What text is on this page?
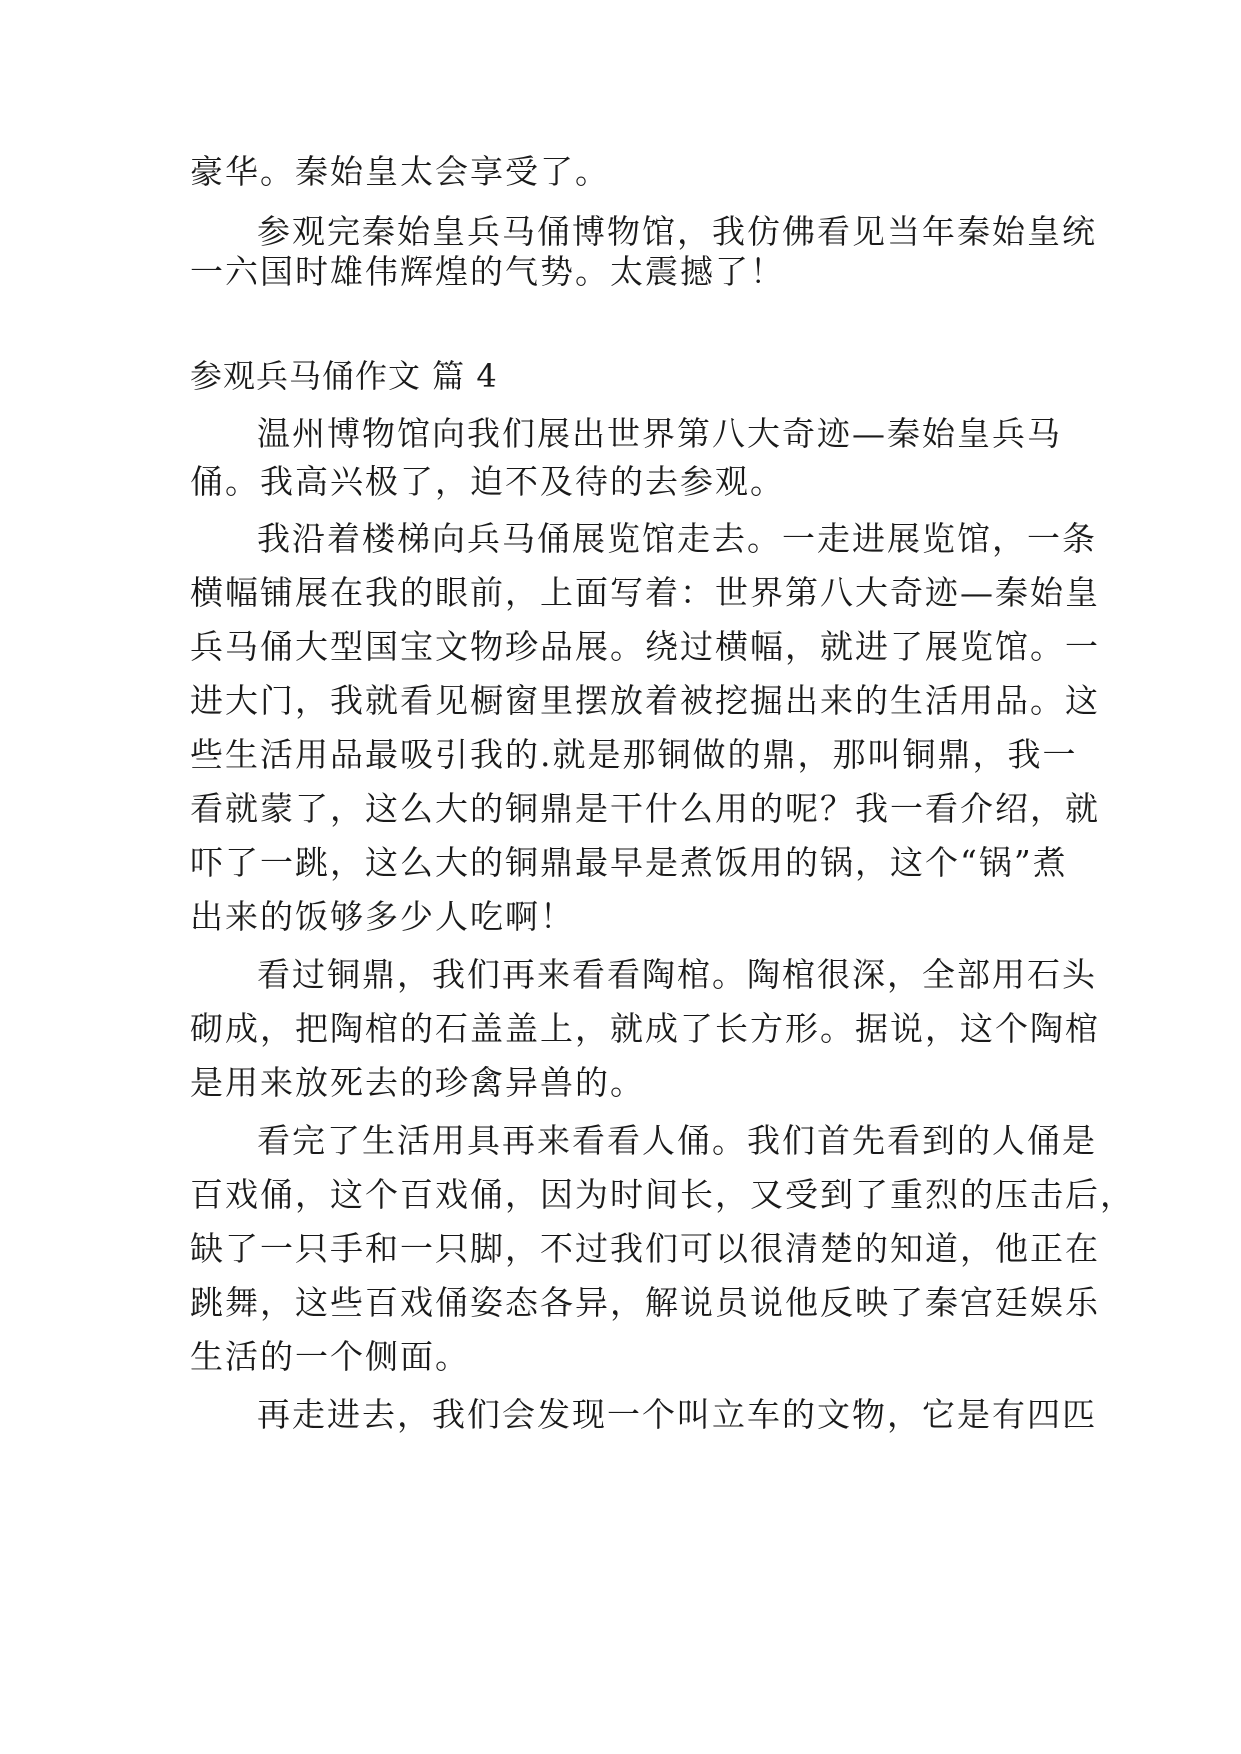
豪华。秦始皇太会享受了。
参观完秦始皇兵马俑博物馆，我仿佛看见当年秦始皇统
一六国时雄伟辉煌的气势。太震撼了！
参观兵马俑作文 篇 4
温州博物馆向我们展出世界第八大奇迹—秦始皇兵马
俑。我高兴极了，迫不及待的去参观。
我沿着楼梯向兵马俑展览馆走去。一走进展览馆，一条
横幅铺展在我的眼前，上面写着：世界第八大奇迹—秦始皇
兵马俑大型国宝文物珍品展。绕过横幅，就进了展览馆。一
进大门，我就看见橱窗里摆放着被挖掘出来的生活用品。这
些生活用品最吸引我的.就是那铜做的鼎，那叫铜鼎，我一
看就蒙了，这么大的铜鼎是干什么用的呢？我一看介绍，就
吓了一跳，这么大的铜鼎最早是煮饭用的锅，这个“锅”煮
出来的饭够多少人吃啊！
看过铜鼎，我们再来看看陶棺。陶棺很深，全部用石头
砌成，把陶棺的石盖盖上，就成了长方形。据说，这个陶棺
是用来放死去的珍禽异兽的。
看完了生活用具再来看看人俑。我们首先看到的人俑是
百戏俑，这个百戏俑，因为时间长，又受到了重烈的压击后，
缺了一只手和一只脚，不过我们可以很清楚的知道，他正在
跳舞，这些百戏俑姿态各异，解说员说他反映了秦宫廷娱乐
生活的一个侧面。
再走进去，我们会发现一个叫立车的文物，它是有四匹
